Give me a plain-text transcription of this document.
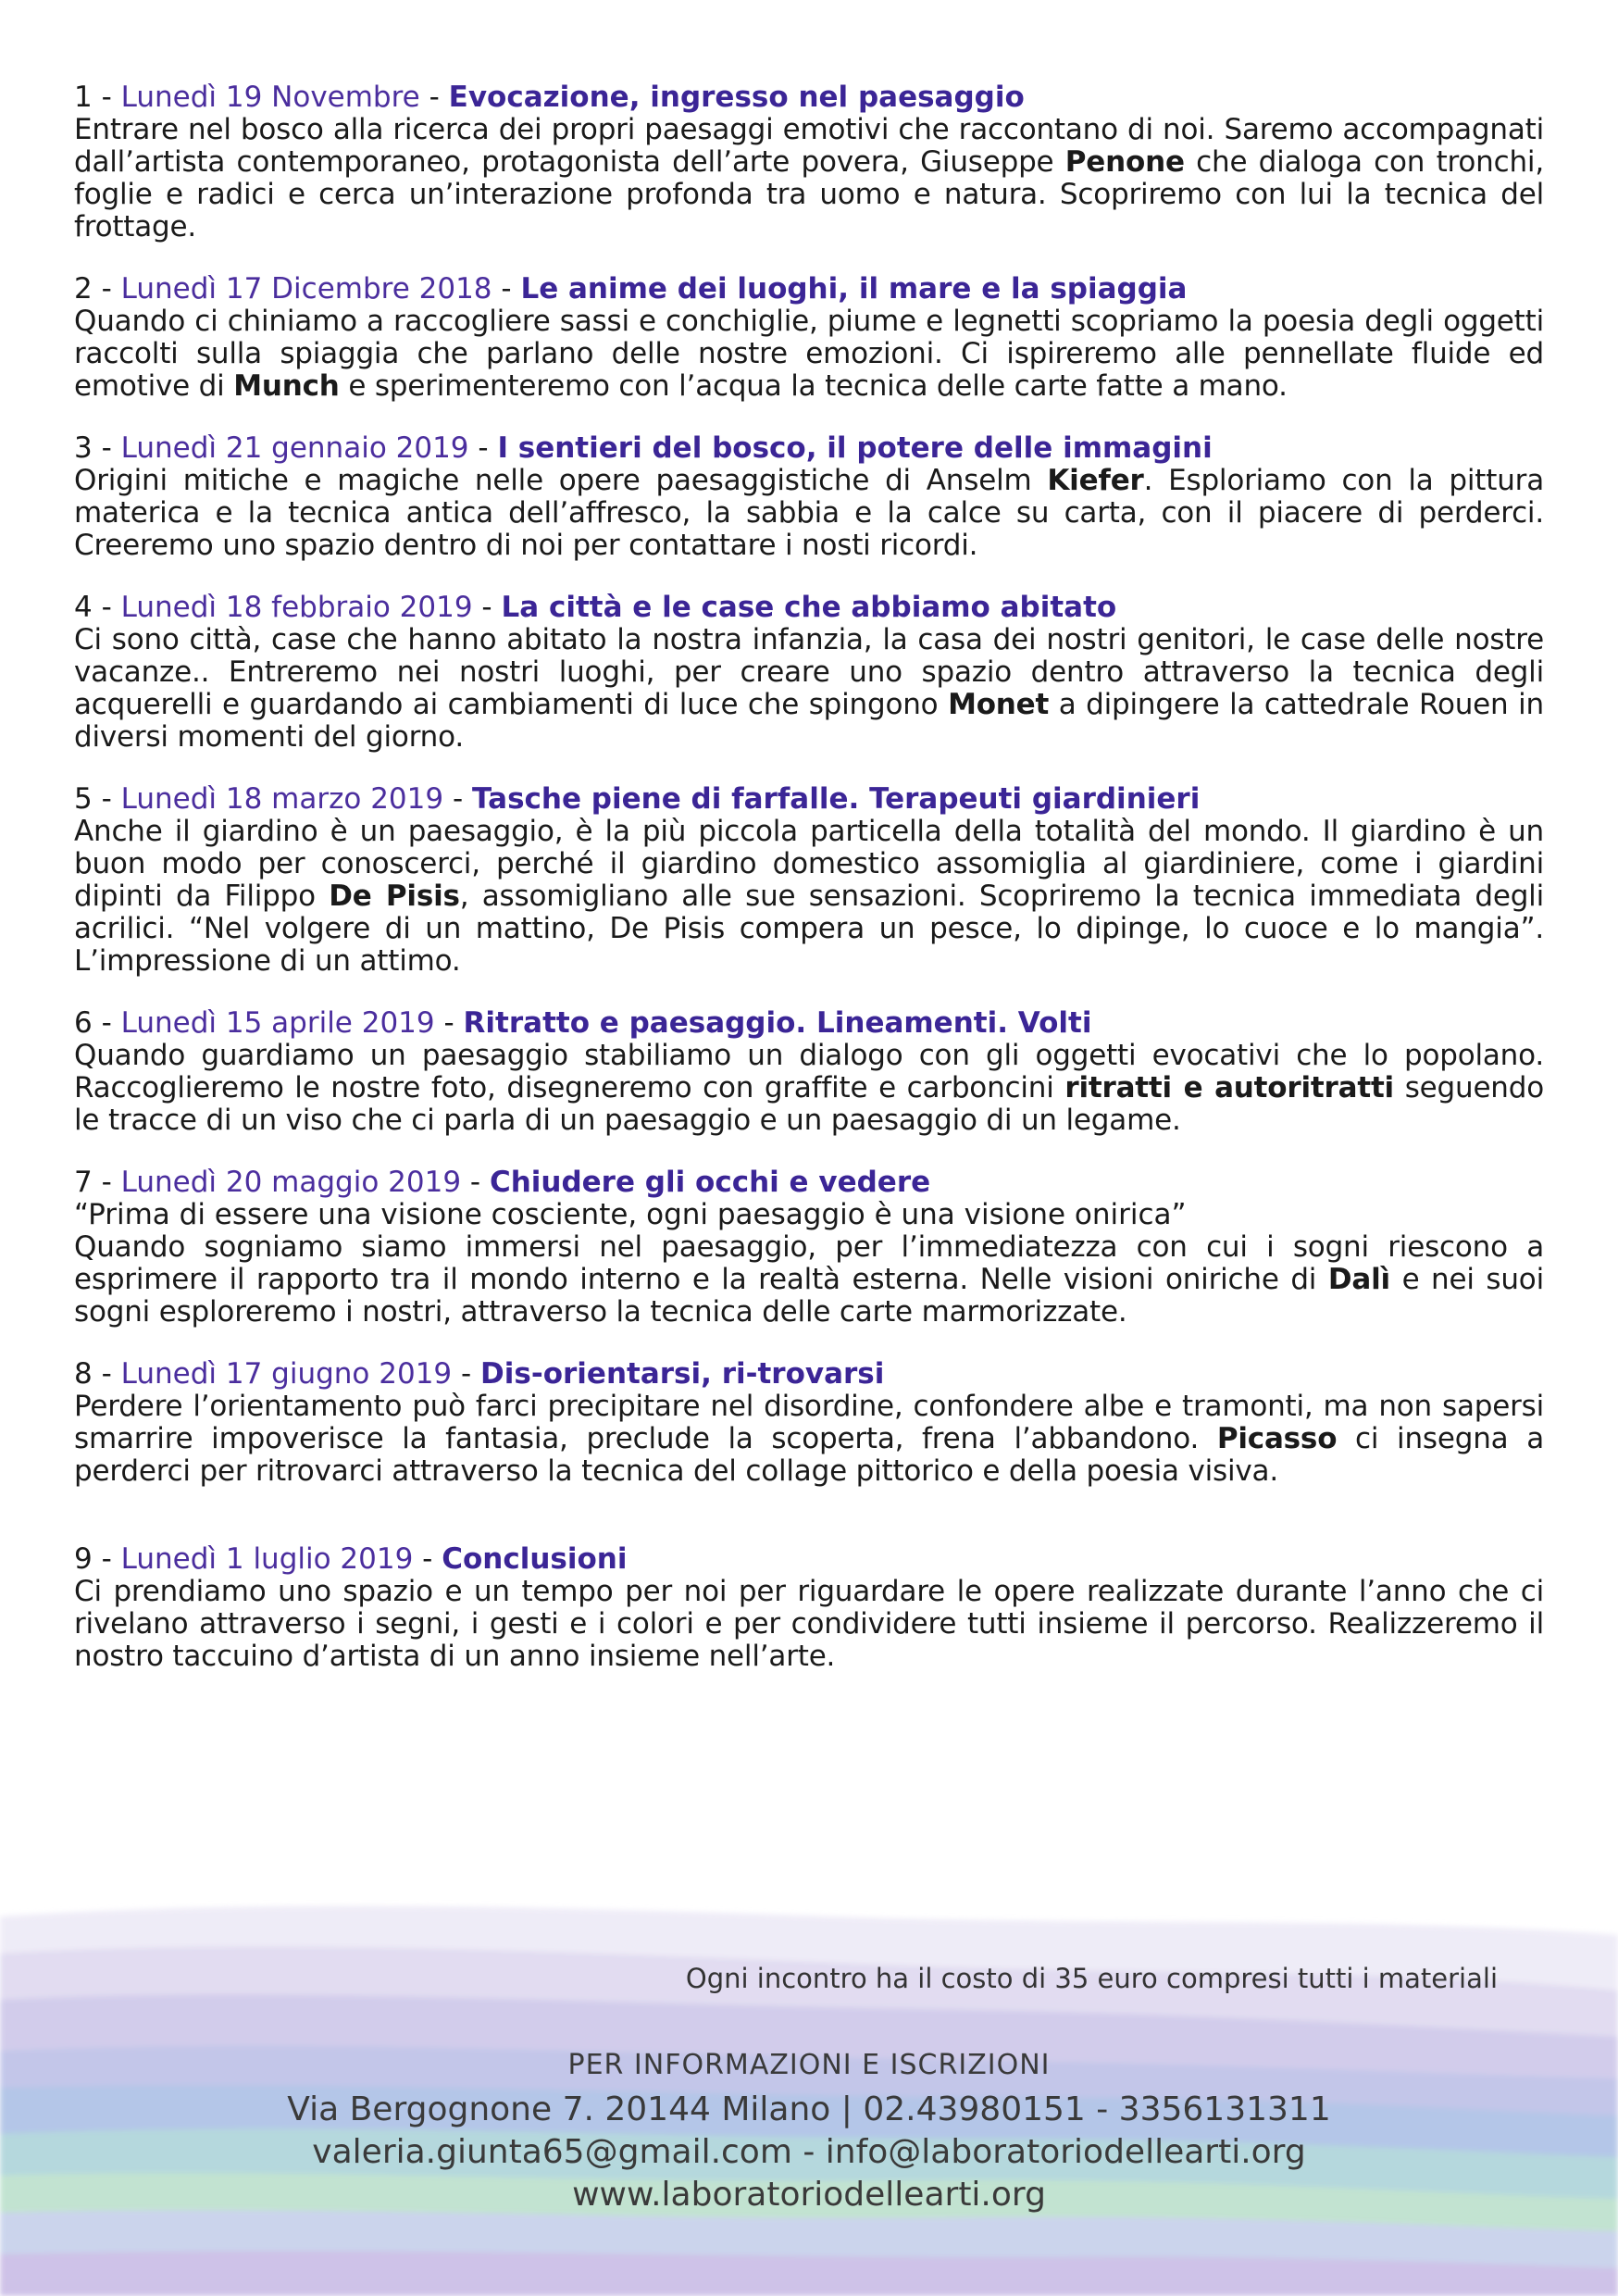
1 - Lunedì 19 Novembre - Evocazione, ingresso nel paesaggio
Entrare nel bosco alla ricerca dei propri paesaggi emotivi che raccontano di noi. Saremo accompagnati dall’artista contemporaneo, protagonista dell’arte povera, Giuseppe Penone che dialoga con tronchi, foglie e radici e cerca un’interazione profonda tra uomo e natura. Scopriremo con lui la tecnica del frottage.
2 - Lunedì 17 Dicembre 2018 - Le anime dei luoghi, il mare e la spiaggia
Quando ci chiniamo a raccogliere sassi e conchiglie, piume e legnetti scopriamo la poesia degli oggetti raccolti sulla spiaggia che parlano delle nostre emozioni. Ci ispireremo alle pennellate fluide ed emotive di Munch e sperimenteremo con l’acqua la tecnica delle carte fatte a mano.
3 - Lunedì 21 gennaio 2019 - I sentieri del bosco, il potere delle immagini
Origini mitiche e magiche nelle opere paesaggistiche di Anselm Kiefer. Esploriamo con la pittura materica e la tecnica antica dell’affresco, la sabbia e la calce su carta, con il piacere di perderci. Creeremo uno spazio dentro di noi per contattare i nosti ricordi.
4 - Lunedì 18 febbraio 2019 - La città e le case che abbiamo abitato
Ci sono città, case che hanno abitato la nostra infanzia, la casa dei nostri genitori, le case delle nostre vacanze.. Entreremo nei nostri luoghi, per creare uno spazio dentro attraverso la tecnica degli acquerelli e guardando ai cambiamenti di luce che spingono Monet a dipingere la cattedrale Rouen in diversi momenti del giorno.
5 - Lunedì 18 marzo 2019 - Tasche piene di farfalle. Terapeuti giardinieri
Anche il giardino è un paesaggio, è la più piccola particella della totalità del mondo. Il giardino è un buon modo per conoscerci, perché il giardino domestico assomiglia al giardiniere, come i giardini dipinti da Filippo De Pisis, assomigliano alle sue sensazioni. Scopriremo la tecnica immediata degli acrilici. “Nel volgere di un mattino, De Pisis compera un pesce, lo dipinge, lo cuoce e lo mangia”. L’impressione di un attimo.
6 - Lunedì 15 aprile 2019 - Ritratto e paesaggio. Lineamenti. Volti
Quando guardiamo un paesaggio stabiliamo un dialogo con gli oggetti evocativi che lo popolano. Raccoglieremo le nostre foto, disegneremo con graffite e carboncini ritratti e autoritratti seguendo le tracce di un viso che ci parla di un paesaggio e un paesaggio di un legame.
7 - Lunedì 20 maggio 2019 - Chiudere gli occhi e vedere
“Prima di essere una visione cosciente, ogni paesaggio è una visione onirica”
Quando sogniamo siamo immersi nel paesaggio, per l’immediatezza con cui i sogni riescono a esprimere il rapporto tra il mondo interno e la realtà esterna. Nelle visioni oniriche di Dalì e nei suoi sogni esploreremo i nostri, attraverso la tecnica delle carte marmorizzate.
8 - Lunedì 17 giugno 2019 - Dis-orientarsi, ri-trovarsi
Perdere l’orientamento può farci precipitare nel disordine, confondere albe e tramonti, ma non sapersi smarrire impoverisce la fantasia, preclude la scoperta, frena l’abbandono. Picasso ci insegna a perderci per ritrovarci attraverso la tecnica del collage pittorico e della poesia visiva.
9 - Lunedì 1 luglio 2019 - Conclusioni
Ci prendiamo uno spazio e un tempo per noi per riguardare le opere realizzate durante l’anno che ci rivelano attraverso i segni, i gesti e i colori e per condividere tutti insieme il percorso. Realizzeremo il nostro taccuino d’artista di un anno insieme nell’arte.
Ogni incontro ha il costo di 35 euro compresi tutti i materiali
PER INFORMAZIONI E ISCRIZIONI
Via Bergognone 7. 20144 Milano | 02.43980151 - 3356131311
valeria.giunta65@gmail.com - info@laboratoriodellearti.org
www.laboratoriodellearti.org
